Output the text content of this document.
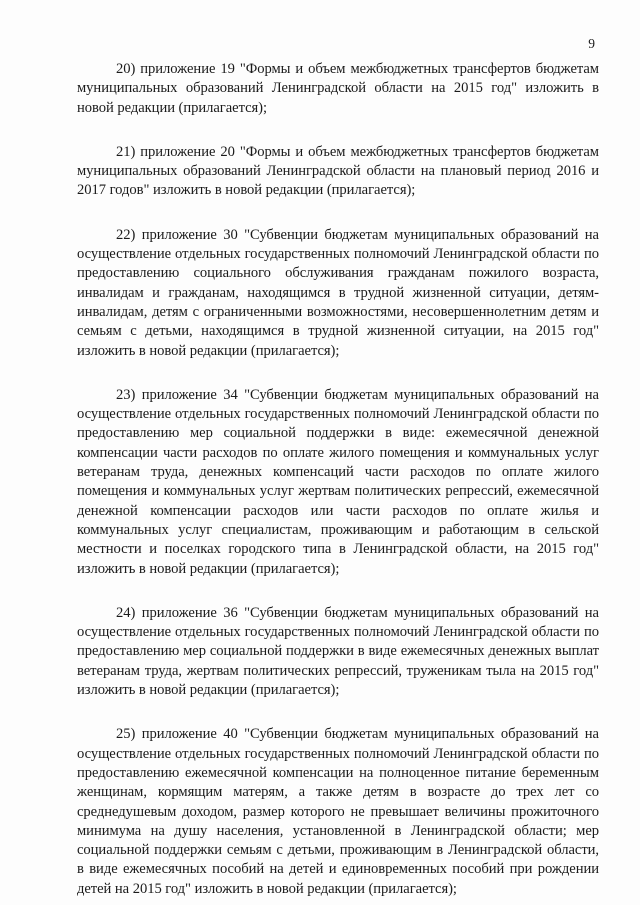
9

20) приложение 19 "Формы и объем межбюджетных трансфертов бюджетам муниципальных образований Ленинградской области на 2015 год" изложить в новой редакции (прилагается);

21) приложение 20 "Формы и объем межбюджетных трансфертов бюджетам муниципальных образований Ленинградской области на плановый период 2016 и 2017 годов" изложить в новой редакции (прилагается);

22) приложение 30 "Субвенции бюджетам муниципальных образований на осуществление отдельных государственных полномочий Ленинградской области по предоставлению социального обслуживания гражданам пожилого возраста, инвалидам и гражданам, находящимся в трудной жизненной ситуации, детям-инвалидам, детям с ограниченными возможностями, несовершеннолетним детям и семьям с детьми, находящимся в трудной жизненной ситуации, на 2015 год" изложить в новой редакции (прилагается);

23) приложение 34 "Субвенции бюджетам муниципальных образований на осуществление отдельных государственных полномочий Ленинградской области по предоставлению мер социальной поддержки в виде: ежемесячной денежной компенсации части расходов по оплате жилого помещения и коммунальных услуг ветеранам труда, денежных компенсаций части расходов по оплате жилого помещения и коммунальных услуг жертвам политических репрессий, ежемесячной денежной компенсации расходов или части расходов по оплате жилья и коммунальных услуг специалистам, проживающим и работающим в сельской местности и поселках городского типа в Ленинградской области, на 2015 год" изложить в новой редакции (прилагается);

24) приложение 36 "Субвенции бюджетам муниципальных образований на осуществление отдельных государственных полномочий Ленинградской области по предоставлению мер социальной поддержки в виде ежемесячных денежных выплат ветеранам труда, жертвам политических репрессий, труженикам тыла на 2015 год" изложить в новой редакции (прилагается);

25) приложение 40 "Субвенции бюджетам муниципальных образований на осуществление отдельных государственных полномочий Ленинградской области по предоставлению ежемесячной компенсации на полноценное питание беременным женщинам, кормящим матерям, а также детям в возрасте до трех лет со среднедушевым доходом, размер которого не превышает величины прожиточного минимума на душу населения, установленной в Ленинградской области; мер социальной поддержки семьям с детьми, проживающим в Ленинградской области, в виде ежемесячных пособий на детей и единовременных пособий при рождении детей на 2015 год" изложить в новой редакции (прилагается);
